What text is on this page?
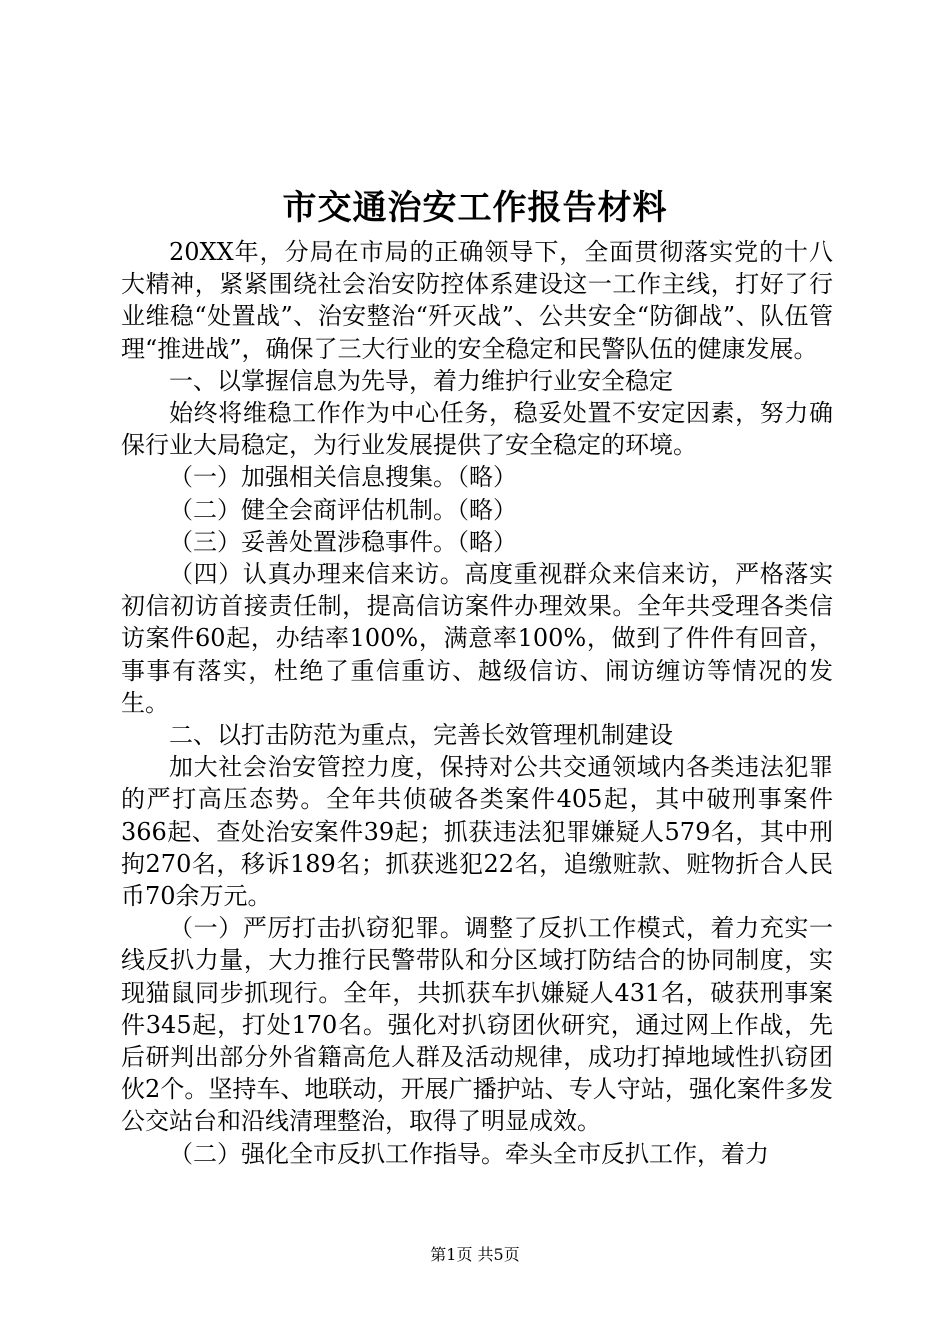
市交通治安工作报告材料

20XX年，分局在市局的正确领导下，全面贯彻落实党的十八大精神，紧紧围绕社会治安防控体系建设这一工作主线，打好了行业维稳“处置战”、治安整治“歼灭战”、公共安全“防御战”、队伍管理“推进战”，确保了三大行业的安全稳定和民警队伍的健康发展。

一、以掌握信息为先导，着力维护行业安全稳定

始终将维稳工作作为中心任务，稳妥处置不安定因素，努力确保行业大局稳定，为行业发展提供了安全稳定的环境。

（一）加强相关信息搜集。（略）

（二）健全会商评估机制。（略）

（三）妥善处置涉稳事件。（略）

（四）认真办理来信来访。高度重视群众来信来访，严格落实初信初访首接责任制，提高信访案件办理效果。全年共受理各类信访案件60起，办结率100%，满意率100%，做到了件件有回音，事事有落实，杜绝了重信重访、越级信访、闹访缠访等情况的发生。

二、以打击防范为重点，完善长效管理机制建设

加大社会治安管控力度，保持对公共交通领域内各类违法犯罪的严打高压态势。全年共侦破各类案件405起，其中破刑事案件366起、查处治安案件39起；抓获违法犯罪嫌疑人579名，其中刑拘270名，移诉189名；抓获逃犯22名，追缴赃款、赃物折合人民币70余万元。

（一）严厉打击扒窃犯罪。调整了反扒工作模式，着力充实一线反扒力量，大力推行民警带队和分区域打防结合的协同制度，实现猫鼠同步抓现行。全年，共抓获车扒嫌疑人431名，破获刑事案件345起，打处170名。强化对扒窃团伙研究，通过网上作战，先后研判出部分外省籍高危人群及活动规律，成功打掉地域性扒窃团伙2个。坚持车、地联动，开展广播护站、专人守站，强化案件多发公交站台和沿线清理整治，取得了明显成效。

（二）强化全市反扒工作指导。牵头全市反扒工作，着力

第1页 共5页
